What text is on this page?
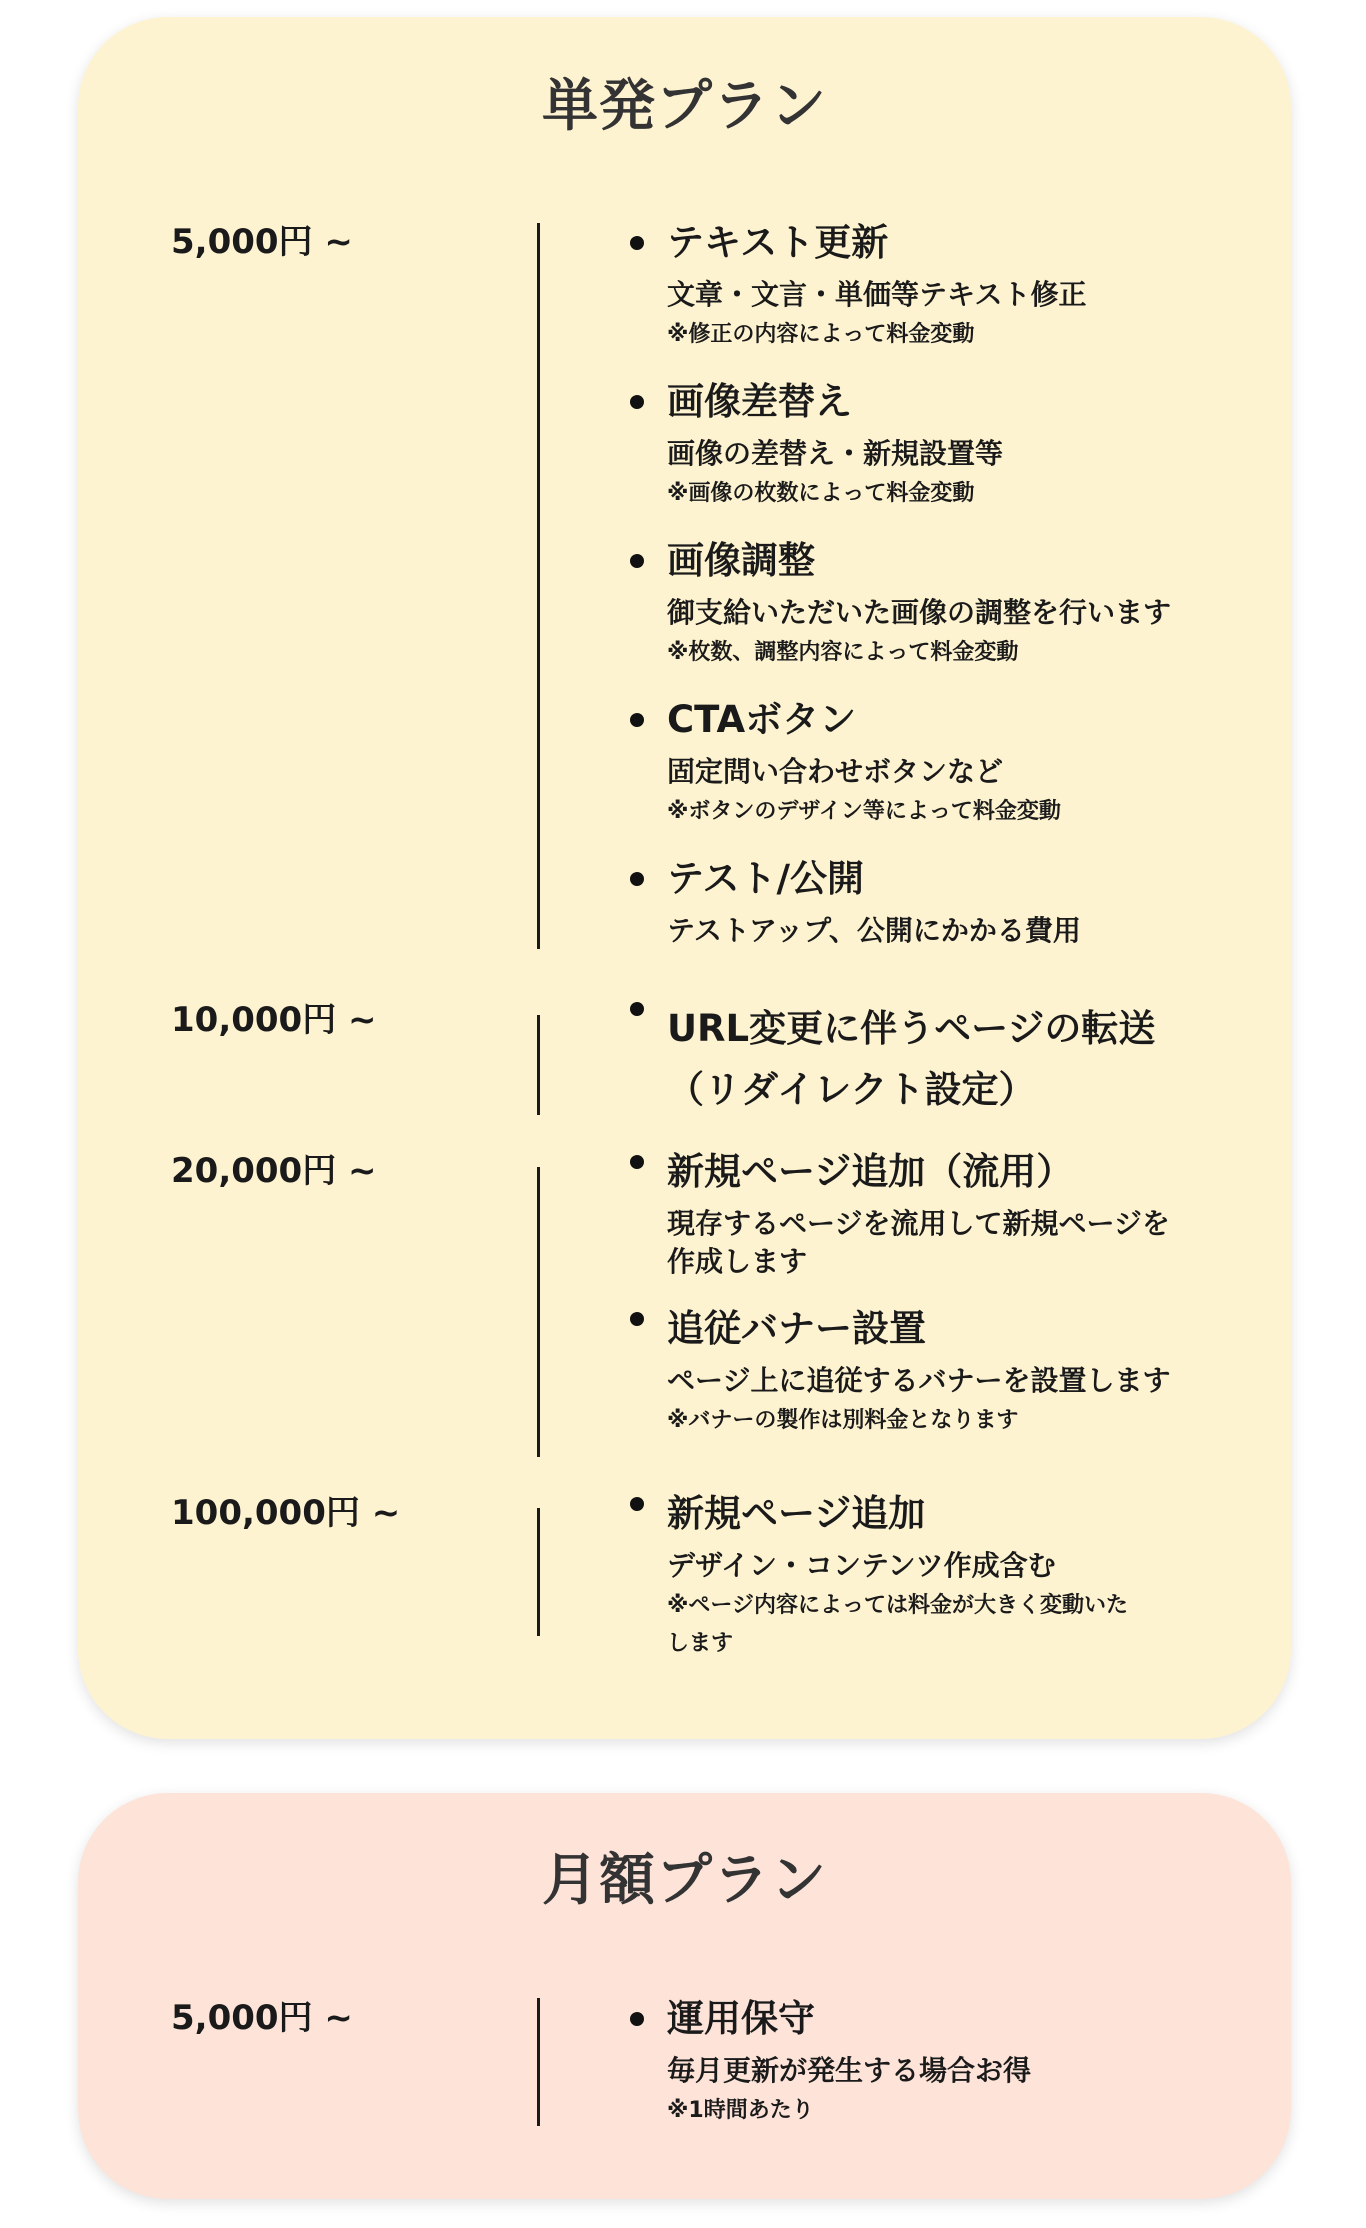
単発プラン
5,000円 ~	テキスト更新
文章・文言・単価等テキスト修正
※修正の内容によって料金変動
画像差替え
画像の差替え・新規設置等
※画像の枚数によって料金変動
画像調整
御支給いただいた画像の調整を行います
※枚数、調整内容によって料金変動
CTAボタン
固定問い合わせボタンなど
※ボタンのデザイン等によって料金変動
テスト/公開
テストアップ、公開にかかる費用
10,000円 ~	URL変更に伴うページの転送
（リダイレクト設定）
20,000円 ~	新規ページ追加（流用）
現存するページを流用して新規ページを
作成します
追従バナー設置
ページ上に追従するバナーを設置します
※バナーの製作は別料金となります
100,000円 ~	新規ページ追加
デザイン・コンテンツ作成含む
※ページ内容によっては料金が大きく変動いた
します
月額プラン
5,000円 ~	運用保守
毎月更新が発生する場合お得
※1時間あたり
